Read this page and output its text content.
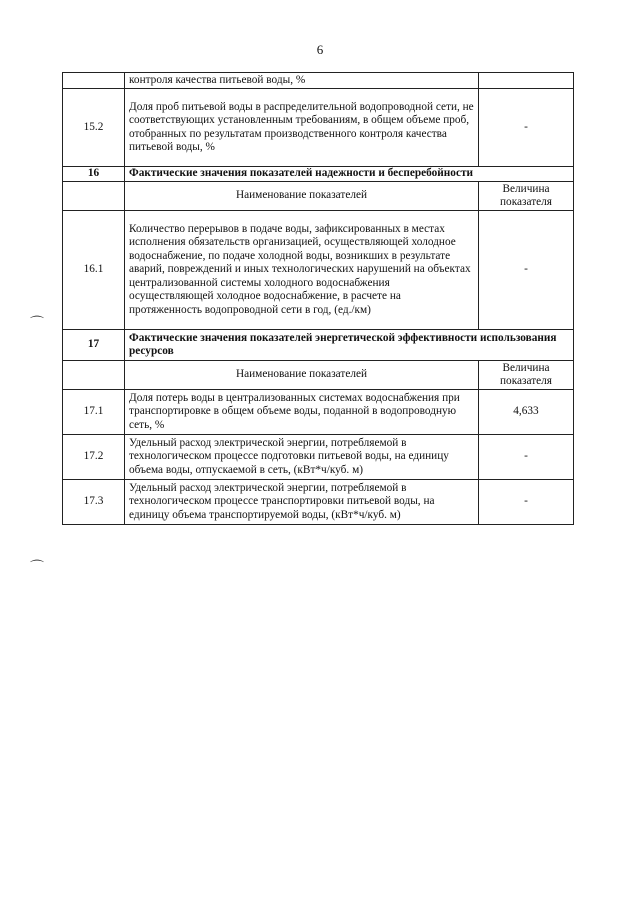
6
⌒
⌒
	контроля качества питьевой воды, %	
15.2	Доля проб питьевой воды в распределительной водопроводной сети, не соответствующих установленным требованиям, в общем объеме проб, отобранных по результатам производственного контроля качества питьевой воды, %	-
16	Фактические значения показателей надежности и бесперебойности	
	Наименование показателей	Величина показателя
16.1	Количество перерывов в подаче воды, зафиксированных в местах исполнения обязательств организацией, осуществляющей холодное водоснабжение, по подаче холодной воды, возникших в результате аварий, повреждений и иных технологических нарушений на объектах централизованной системы холодного водоснабжения осуществляющей холодное водоснабжение, в расчете на протяженность водопроводной сети в год, (ед./км)	-
17	Фактические значения показателей энергетической эффективности использования ресурсов	
	Наименование показателей	Величина показателя
17.1	Доля потерь воды в централизованных системах водоснабжения при транспортировке в общем объеме воды, поданной в водопроводную сеть, %	4,633
17.2	Удельный расход электрической энергии, потребляемой в технологическом процессе подготовки питьевой воды, на единицу объема воды, отпускаемой в сеть, (кВт*ч/куб. м)	-
17.3	Удельный расход электрической энергии, потребляемой в технологическом процессе транспортировки питьевой воды, на единицу объема транспортируемой воды, (кВт*ч/куб. м)	-
